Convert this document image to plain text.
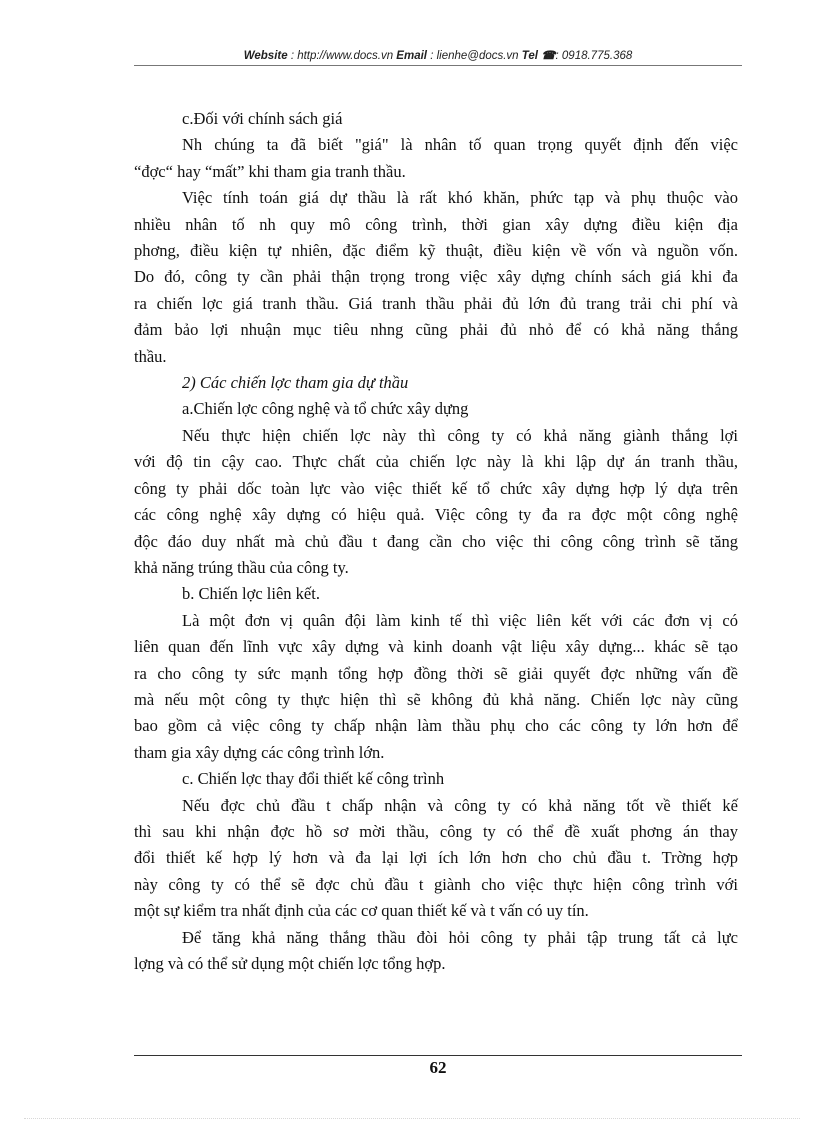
Website : http://www.docs.vn Email : lienhe@docs.vn Tel ☎: 0918.775.368

c.Đối với chính sách giá

Nh chúng ta đã biết "giá" là nhân tố quan trọng quyết định đến việc

“đợc“ hay “mất” khi tham gia tranh thầu.

Việc tính toán giá dự thầu là rất khó khăn, phức tạp và phụ thuộc vào

nhiều nhân tố nh quy mô công trình, thời gian xây dựng điều kiện địa

phơng, điều kiện tự nhiên, đặc điểm kỹ thuật, điều kiện về vốn và nguồn vốn.

Do đó, công ty cần phải thận trọng trong việc xây dựng chính sách giá khi đa

ra chiến lợc giá tranh thầu. Giá tranh thầu phải đủ lớn đủ trang trải chi phí và

đảm bảo lợi nhuận mục tiêu nhng cũng phải đủ nhỏ để có khả năng thắng

thầu.

2) Các chiến lợc tham gia dự thầu

a.Chiến lợc công nghệ và tổ chức xây dựng

Nếu thực hiện chiến lợc này thì công ty có khả năng giành thắng lợi

với độ tin cậy cao. Thực chất của chiến lợc này là khi lập dự án tranh thầu,

công ty phải dốc toàn lực vào việc thiết kế tổ chức xây dựng hợp lý dựa trên

các công nghệ xây dựng có hiệu quả. Việc công ty đa ra đợc một công nghệ

độc đáo duy nhất mà chủ đầu t đang cần cho việc thi công công trình sẽ tăng

khả năng trúng thầu của công ty.

b. Chiến lợc liên kết.

Là một đơn vị quân đội làm kinh tế thì việc liên kết với các đơn vị có

liên quan đến lĩnh vực xây dựng và kinh doanh vật liệu xây dựng... khác sẽ tạo

ra cho công ty sức mạnh tổng hợp đồng thời sẽ giải quyết đợc những vấn đề

mà nếu một công ty thực hiện thì sẽ không đủ khả năng. Chiến lợc này cũng

bao gồm cả việc công ty chấp nhận làm thầu phụ cho các công ty lớn hơn để

tham gia xây dựng các công trình lớn.

c. Chiến lợc thay đổi thiết kế công trình

Nếu đợc chủ đầu t chấp nhận và công ty có khả năng tốt về thiết kế

thì sau khi nhận đợc hồ sơ mời thầu, công ty có thể đề xuất phơng án thay

đổi thiết kế hợp lý hơn và đa lại lợi ích lớn hơn cho chủ đầu t. Trờng hợp

này công ty có thể sẽ đợc chủ đầu t giành cho việc thực hiện công trình với

một sự kiểm tra nhất định của các cơ quan thiết kế và t vấn có uy tín.

Để tăng khả năng thắng thầu đòi hỏi công ty phải tập trung tất cả lực

lợng và có thể sử dụng một chiến lợc tổng hợp.

62
